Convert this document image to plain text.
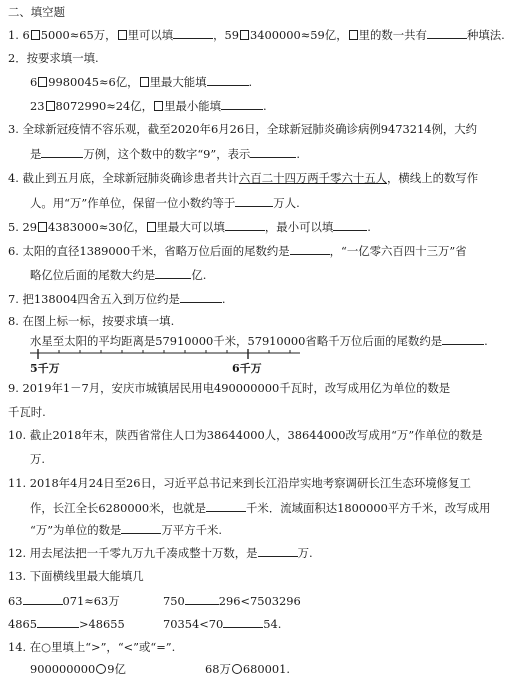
二、填空题
1. 6 5000≈65万， 里可以填	，59 3400000≈59亿， 里的数一共有	种填法.
2．按要求填一填.
6 9980045≈6亿， 里最大能填	.
23 8072990≈24亿， 里最小能填	.
3. 全球新冠疫情不容乐观，截至2020年6月26日，全球新冠肺炎确诊病例9473214例，大约
是	万例，这个数中的数字“9”，表示	.
4. 截止到五月底，全球新冠肺炎确诊患者共计六百二十四万两千零六十五人，横线上的数写作
人。用“万”作单位，保留一位小数约等于	万人.
5. 29 4383000≈30亿， 里最大可以填	，最小可以填	.
6. 太阳的直径1389000千米，省略万位后面的尾数约是	，“一亿零六百四十三万”省
略亿位后面的尾数大约是	亿.
7. 把138004四舍五入到万位约是	.
8. 在图上标一标，按要求填一填.
水星至太阳的平均距离是57910000千米，57910000省略千万位后面的尾数约是	.
5千万	6千万
9. 2019年1－7月，安庆市城镇居民用电490000000千瓦时，改写成用亿为单位的数是
千瓦时.
10. 截止2018年末，陕西省常住人口为38644000人，38644000改写成用“万”作单位的数是
万.
11. 2018年4月24日至26日，习近平总书记来到长江沿岸实地考察调研长江生态环境修复工
作，长江全长6280000米，也就是	千米．流域面积达1800000平方千米，改写成用
“万”为单位的数是	万平方千米.
12. 用去尾法把一千零九万九千凑成整十万数，是	万.
13. 下面横线里最大能填几
63	071≈63万	750	296<7503296
4865	>48655	70354<70	54.
14. 在○里填上“>”，“<”或“=”.
900000000 9亿	68万 680001.
